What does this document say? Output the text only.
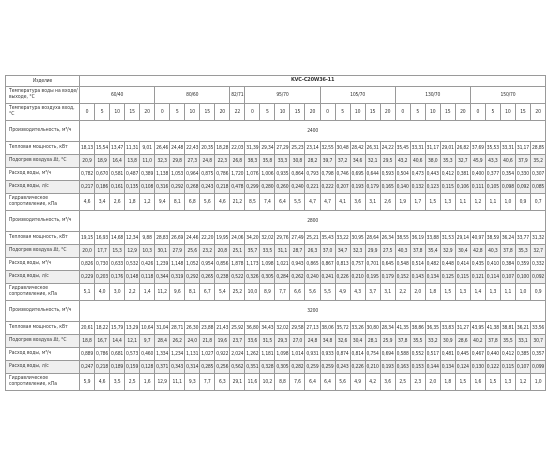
Изделие	KVC-C20W36-11																														
Температура воды на входе/выходе, °С	60/40					80/60					82/71	95/70					105/70					130/70					150/70				
Температура воздуха вход, °С	0	5	10	15	20	0	5	10	15	20	22	0	5	10	15	20	0	5	10	15	20	0	5	10	15	20	0	5	10	15	20
Производительность, м³/ч	2400																														
Тепловая мощность, кВт	18,13	15,54	13,47	11,31	9,01	26,46	24,48	22,43	20,35	18,28	22,03	31,39	29,34	27,29	25,23	23,14	32,55	30,48	28,42	26,31	24,22	35,45	33,31	31,17	29,01	26,82	37,69	35,53	33,31	31,17	28,85
Подогрев воздуха Δt, °С	20,9	18,9	16,4	13,8	11,0	32,3	29,8	27,3	24,8	22,3	26,8	38,3	35,8	33,3	30,8	28,2	39,7	37,2	34,6	32,1	29,5	43,2	40,6	38,0	35,3	32,7	45,9	43,3	40,6	37,9	35,2
Расход воды, м³/ч	0,782	0,670	0,581	0,487	0,389	1,138	1,053	0,964	0,875	0,786	1,720	1,076	1,006	0,935	0,864	0,793	0,798	0,746	0,695	0,644	0,593	0,504	0,473	0,443	0,412	0,381	0,400	0,377	0,354	0,330	0,307
Расход воды, л/с	0,217	0,186	0,161	0,135	0,108	0,316	0,292	0,268	0,243	0,218	0,478	0,299	0,280	0,260	0,240	0,221	0,222	0,207	0,193	0,179	0,165	0,140	0,132	0,123	0,115	0,106	0,111	0,105	0,098	0,092	0,085
Гидравлическое сопротивление, кПа	4,6	3,4	2,6	1,8	1,2	9,4	8,1	6,8	5,6	4,6	21,2	8,5	7,4	6,4	5,5	4,7	4,7	4,1	3,6	3,1	2,6	1,9	1,7	1,5	1,3	1,1	1,2	1,1	1,0	0,9	0,7
Производительность, м³/ч	2800																														
Тепловая мощность, кВт	19,15	16,93	14,68	12,34	9,88	28,83	26,69	24,46	22,20	19,95	24,06	34,20	32,02	29,76	27,49	25,21	35,43	33,22	30,95	28,64	26,34	38,55	36,19	33,88	31,53	29,14	40,97	38,59	36,24	33,77	31,32
Подогрев воздуха Δt, °С	20,0	17,7	15,3	12,9	10,3	30,1	27,9	25,6	23,2	20,8	25,1	35,7	33,5	31,1	28,7	26,3	37,0	34,7	32,3	29,9	27,5	40,3	37,8	35,4	32,9	30,4	42,8	40,3	37,8	35,3	32,7
Расход воды, м³/ч	0,826	0,730	0,633	0,532	0,426	1,239	1,148	1,052	0,954	0,856	1,878	1,173	1,098	1,021	0,943	0,865	0,867	0,813	0,757	0,701	0,645	0,548	0,514	0,482	0,448	0,414	0,435	0,410	0,384	0,359	0,332
Расход воды, л/с	0,229	0,203	0,176	0,148	0,118	0,344	0,319	0,292	0,265	0,238	0,522	0,326	0,305	0,284	0,262	0,240	0,241	0,226	0,210	0,195	0,179	0,152	0,143	0,134	0,125	0,115	0,121	0,114	0,107	0,100	0,092
Гидравлическое сопротивление, кПа	5,1	4,0	3,0	2,2	1,4	11,2	9,6	8,1	6,7	5,4	25,2	10,0	8,9	7,7	6,6	5,6	5,5	4,9	4,3	3,7	3,1	2,2	2,0	1,8	1,5	1,3	1,4	1,3	1,1	1,0	0,9
Производительность, м³/ч	3200																														
Тепловая мощность, кВт	20,61	18,22	15,79	13,29	10,64	31,04	28,71	26,30	23,88	21,43	25,92	36,80	34,43	32,02	29,58	27,13	38,06	35,72	33,26	30,80	28,34	41,35	38,86	36,35	33,83	31,27	43,95	41,38	38,81	36,21	33,56
Подогрев воздуха Δt, °С	18,8	16,7	14,4	12,1	9,7	28,4	26,2	24,0	21,8	19,6	23,7	33,6	31,5	29,3	27,0	24,8	34,8	32,6	30,4	28,1	25,9	37,8	35,5	33,2	30,9	28,6	40,2	37,8	35,5	33,1	30,7
Расход воды, м³/ч	0,889	0,786	0,681	0,573	0,460	1,334	1,234	1,131	1,027	0,922	2,024	1,262	1,181	1,098	1,014	0,931	0,933	0,874	0,814	0,754	0,694	0,588	0,552	0,517	0,481	0,445	0,467	0,440	0,412	0,385	0,357
Расход воды, л/с	0,247	0,218	0,189	0,159	0,128	0,371	0,343	0,314	0,285	0,256	0,562	0,351	0,328	0,305	0,282	0,259	0,259	0,243	0,226	0,210	0,193	0,163	0,153	0,144	0,134	0,124	0,130	0,122	0,115	0,107	0,099
Гидравлическое сопротивление, кПа	5,9	4,6	3,5	2,5	1,6	12,9	11,1	9,3	7,7	6,3	29,1	11,6	10,2	8,8	7,6	6,4	6,4	5,6	4,9	4,2	3,6	2,5	2,3	2,0	1,8	1,5	1,6	1,5	1,3	1,2	1,0
